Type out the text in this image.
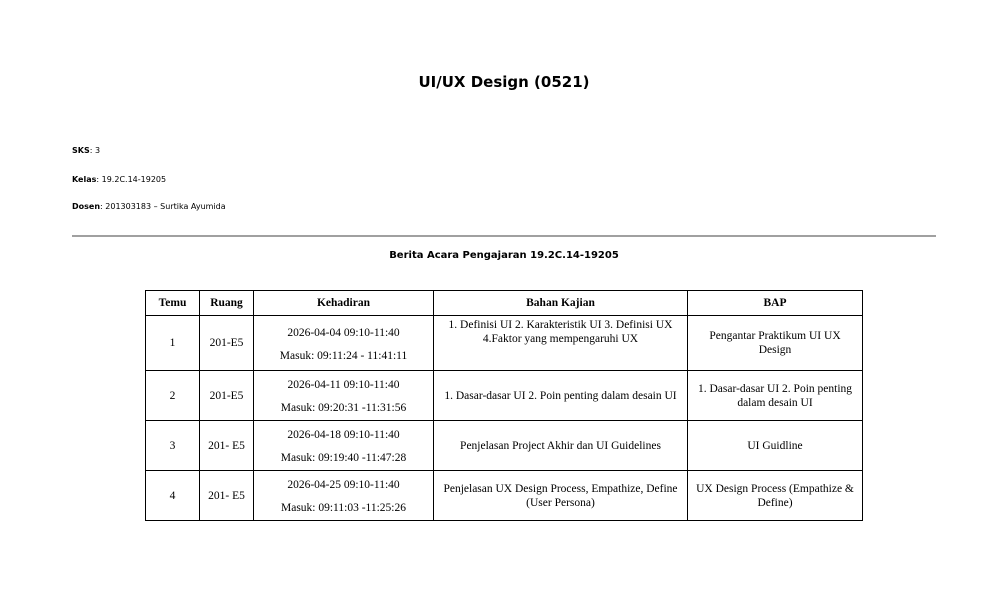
UI/UX Design (0521)
SKS: 3
Kelas: 19.2C.14-19205
Dosen: 201303183 – Surtika Ayumida
Berita Acara Pengajaran 19.2C.14-19205
Temu	Ruang	Kehadiran	Bahan Kajian	BAP
1	201-E5	2026-04-04 09:10-11:40
Masuk: 09:11:24 - 11:41:11	1. Definisi UI 2. Karakteristik UI 3. Definisi UX 4.Faktor yang mempengaruhi UX	Pengantar Praktikum UI UX Design
2	201-E5	2026-04-11 09:10-11:40
Masuk: 09:20:31 -11:31:56	1. Dasar-dasar UI 2. Poin penting dalam desain UI	1. Dasar-dasar UI 2. Poin penting dalam desain UI
3	201- E5	2026-04-18 09:10-11:40
Masuk: 09:19:40 -11:47:28	Penjelasan Project Akhir dan UI Guidelines	UI Guidline
4	201- E5	2026-04-25 09:10-11:40
Masuk: 09:11:03 -11:25:26	Penjelasan UX Design Process, Empathize, Define (User Persona)	UX Design Process (Empathize & Define)
